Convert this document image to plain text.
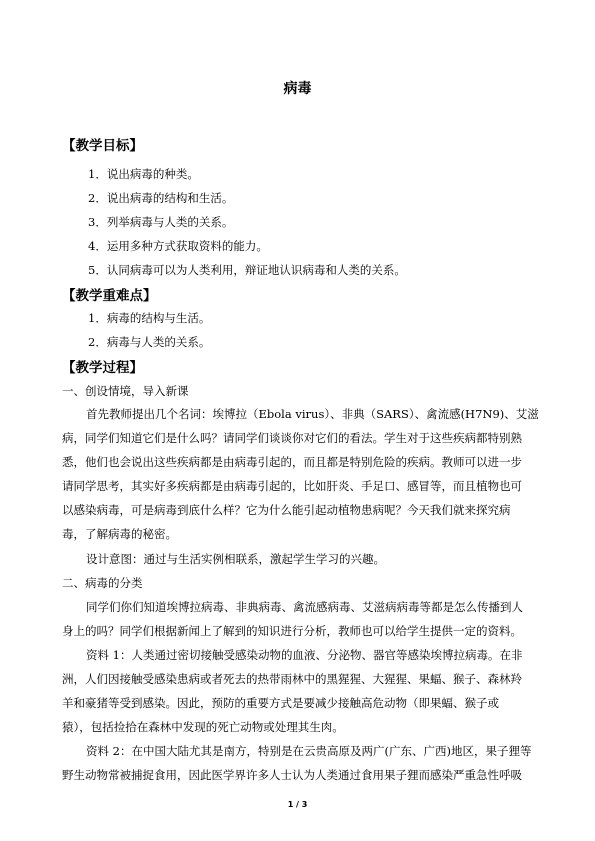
病毒
【教学目标】
1．说出病毒的种类。
2．说出病毒的结构和生活。
3．列举病毒与人类的关系。
4．运用多种方式获取资料的能力。
5．认同病毒可以为人类利用，辩证地认识病毒和人类的关系。
【教学重难点】
1．病毒的结构与生活。
2．病毒与人类的关系。
【教学过程】
一、创设情境，导入新课

首先教师提出几个名词：埃博拉（Ebola virus）、非典（SARS）、禽流感(H7N9)、艾滋

病，同学们知道它们是什么吗？请同学们谈谈你对它们的看法。学生对于这些疾病都特别熟

悉，他们也会说出这些疾病都是由病毒引起的，而且都是特别危险的疾病。教师可以进一步

请同学思考，其实好多疾病都是由病毒引起的，比如肝炎、手足口、感冒等，而且植物也可

以感染病毒，可是病毒到底什么样？它为什么能引起动植物患病呢？今天我们就来探究病

毒，了解病毒的秘密。

设计意图：通过与生活实例相联系，激起学生学习的兴趣。
二、病毒的分类

同学们你们知道埃博拉病毒、非典病毒、禽流感病毒、艾滋病病毒等都是怎么传播到人

身上的吗？同学们根据新闻上了解到的知识进行分析，教师也可以给学生提供一定的资料。

资料 1：人类通过密切接触受感染动物的血液、分泌物、器官等感染埃博拉病毒。在非

洲，人们因接触受感染患病或者死去的热带雨林中的黑猩猩、大猩猩、果蝠、猴子、森林羚

羊和豪猪等受到感染。因此，预防的重要方式是要减少接触高危动物（即果蝠、猴子或

猿），包括捡拾在森林中发现的死亡动物或处理其生肉。

资料 2：在中国大陆尤其是南方，特别是在云贵高原及两广(广东、广西)地区，果子狸等

野生动物常被捕捉食用，因此医学界许多人士认为人类通过食用果子狸而感染严重急性呼吸

1 / 3
